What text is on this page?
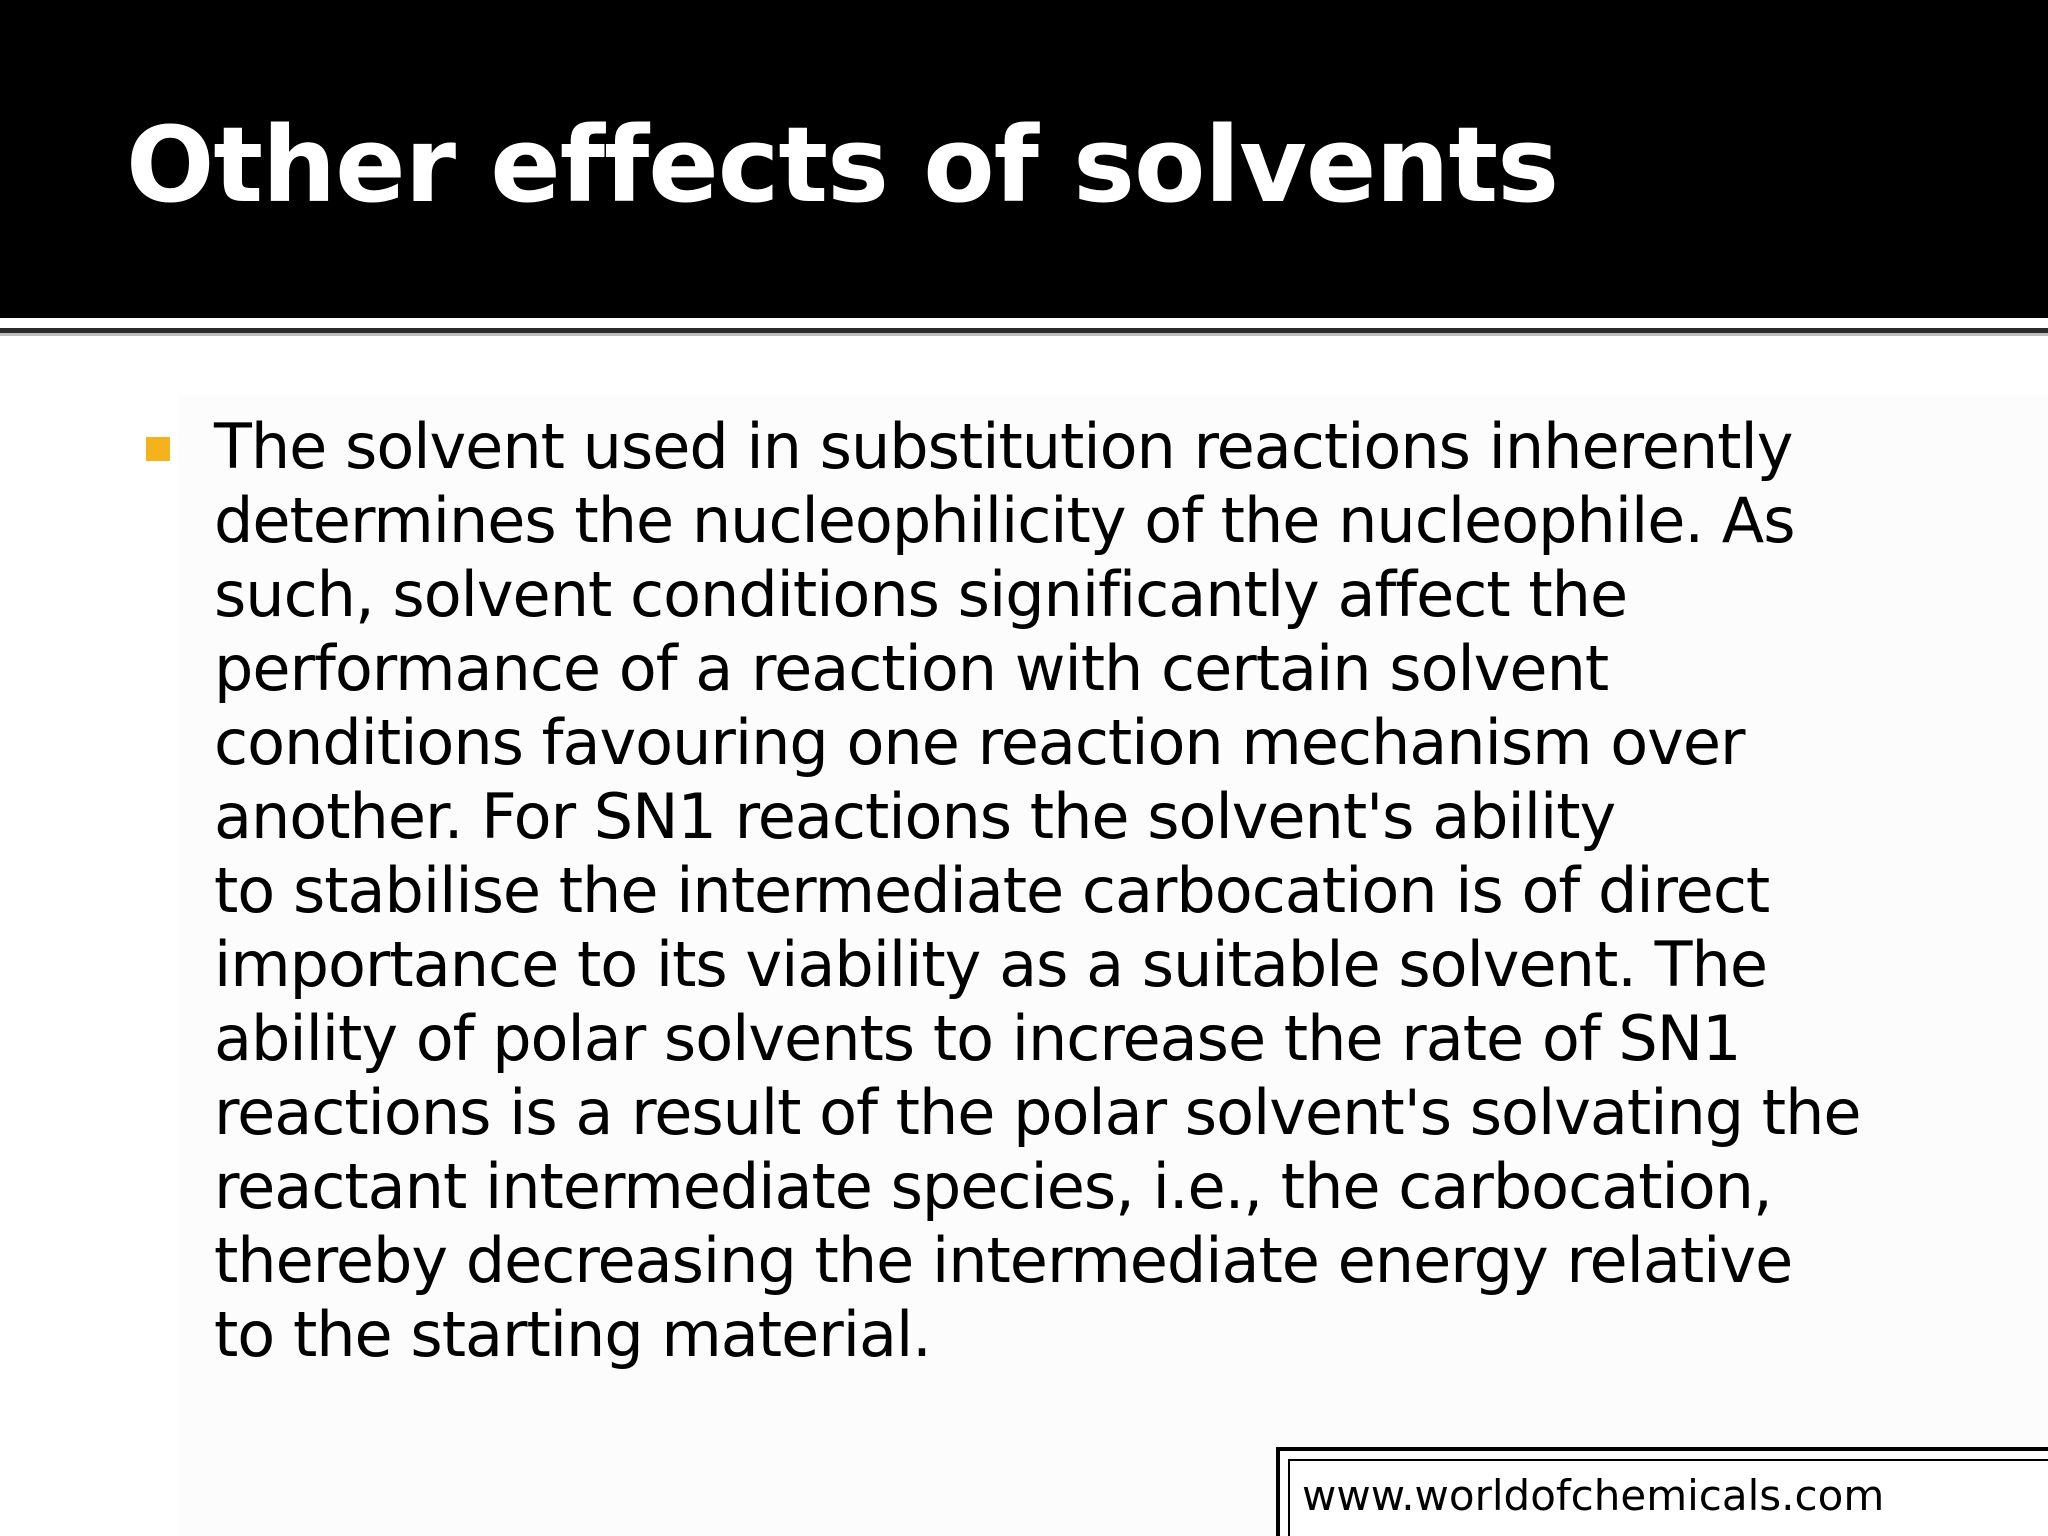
Other effects of solvents

The solvent used in substitution reactions inherently
determines the nucleophilicity of the nucleophile. As
such, solvent conditions significantly affect the
performance of a reaction with certain solvent
conditions favouring one reaction mechanism over
another. For SN1 reactions the solvent's ability
to stabilise the intermediate carbocation is of direct
importance to its viability as a suitable solvent. The
ability of polar solvents to increase the rate of SN1
reactions is a result of the polar solvent's solvating the
reactant intermediate species, i.e., the carbocation,
thereby decreasing the intermediate energy relative
to the starting material.

www.worldofchemicals.com
